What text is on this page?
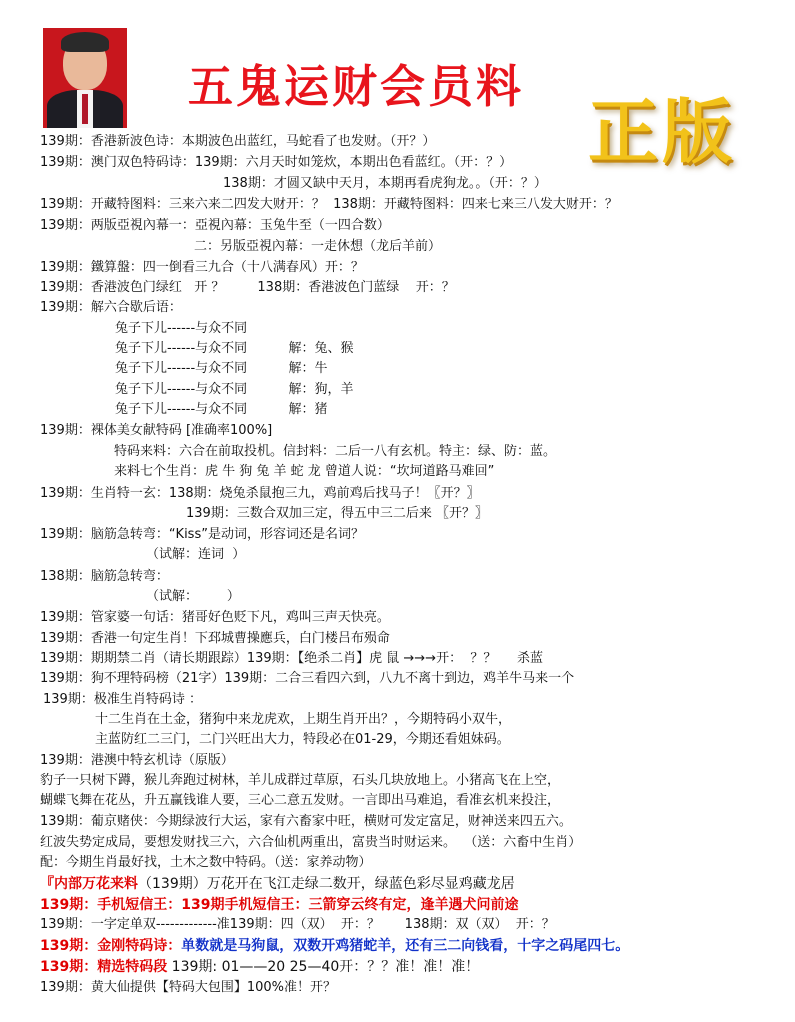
五鬼运财会员料
正版
139期：香港新波色诗：本期波色出蓝红，马蛇看了也发财。（开？）
139期：澳门双色特码诗：139期：六月天时如笼炊，本期出色看蓝红。（开：？）
138期：才圆又缺中天月，本期再看虎狗龙。。（开：？）
139期：开藏特图料：三来六来二四发大财开：？  138期：开藏特图料：四来七来三八发大财开：？
139期：两版亞視內幕一：亞視內幕：玉兔牛至（一四合数）
二：另版亞視內幕：一走休想（龙后羊前）
139期：鐵算盤：四一倒看三九合（十八满春风）开：？
139期：香港波色门绿红   开 ？        138期：香港波色门蓝绿    开：？
139期：解六合歇后语：
兔子下儿------与众不同
兔子下儿------与众不同          解：兔、猴
兔子下儿------与众不同          解：牛
兔子下儿------与众不同          解：狗，羊
兔子下儿------与众不同          解：猪
139期：裸体美女献特码 [准确率100%]
特码来料：六合在前取投机。信封料：二后一八有玄机。特主：绿、防：蓝。
来料七个生肖：虎 牛 狗 兔 羊 蛇 龙 曾道人说：“坎坷道路马难回”
139期：生肖特一玄：138期：烧兔杀鼠抱三九，鸡前鸡后找马子！〖开？〗
139期：三数合双加三定，得五中三二后来 〖开？〗
139期：脑筋急转弯：“Kiss”是动词，形容词还是名词？
（试解：连词  ）
138期：脑筋急转弯：
（试解：       ）
139期：管家婆一句话：猪哥好色贬下凡，鸡叫三声天快亮。
139期：香港一句定生肖！下邳城曹操應兵，白门楼吕布殒命
139期：期期禁二肖（请长期跟踪）139期：【绝杀二肖】虎 鼠 →→→开：  ？？     杀蓝
139期：狗不理特码榜（21字）139期：二合三看四六到，八九不离十到边，鸡羊牛马来一个
139期：极准生肖特码诗 ：
十二生肖在土金，猪狗中来龙虎欢，上期生肖开出？，今期特码小双牛，
主蓝防红二三门，二门兴旺出大力，特段必在01-29，今期还看姐妹码。
139期：港澳中特玄机诗（原版）
豹子一只树下蹲，猴儿奔跑过树林，羊儿成群过草原，石头几块放地上。小猪高飞在上空，
蝴蝶飞舞在花丛，升五赢钱谁人要，三心二意五发财。一言即出马难追，看准玄机来投注，
139期：葡京赌侠：今期绿波行大运，家有六畜家中旺，横财可发定富足，财神送来四五六。
红波失势定成局，要想发财找三六，六合仙机两重出，富贵当时财运来。  （送：六畜中生肖）
配：今期生肖最好找，土木之数中特码。（送：家养动物）
『内部万花来料（139期）万花开在飞江走绿二数开，绿蓝色彩尽显鸡藏龙居
139期：手机短信王：139期手机短信王：三箭穿云终有定，逢羊遇犬问前途
139期：一字定单双-------------准139期：四（双）  开：？      138期：双（双）  开：？
139期：金刚特码诗：单数就是马狗鼠，双数开鸡猪蛇羊，还有三二向钱看，十字之码尾四七。
139期：精选特码段 139期: 01——20 25—40开：？？准！准！准！
139期：黄大仙提供【特码大包围】100%准！开？
